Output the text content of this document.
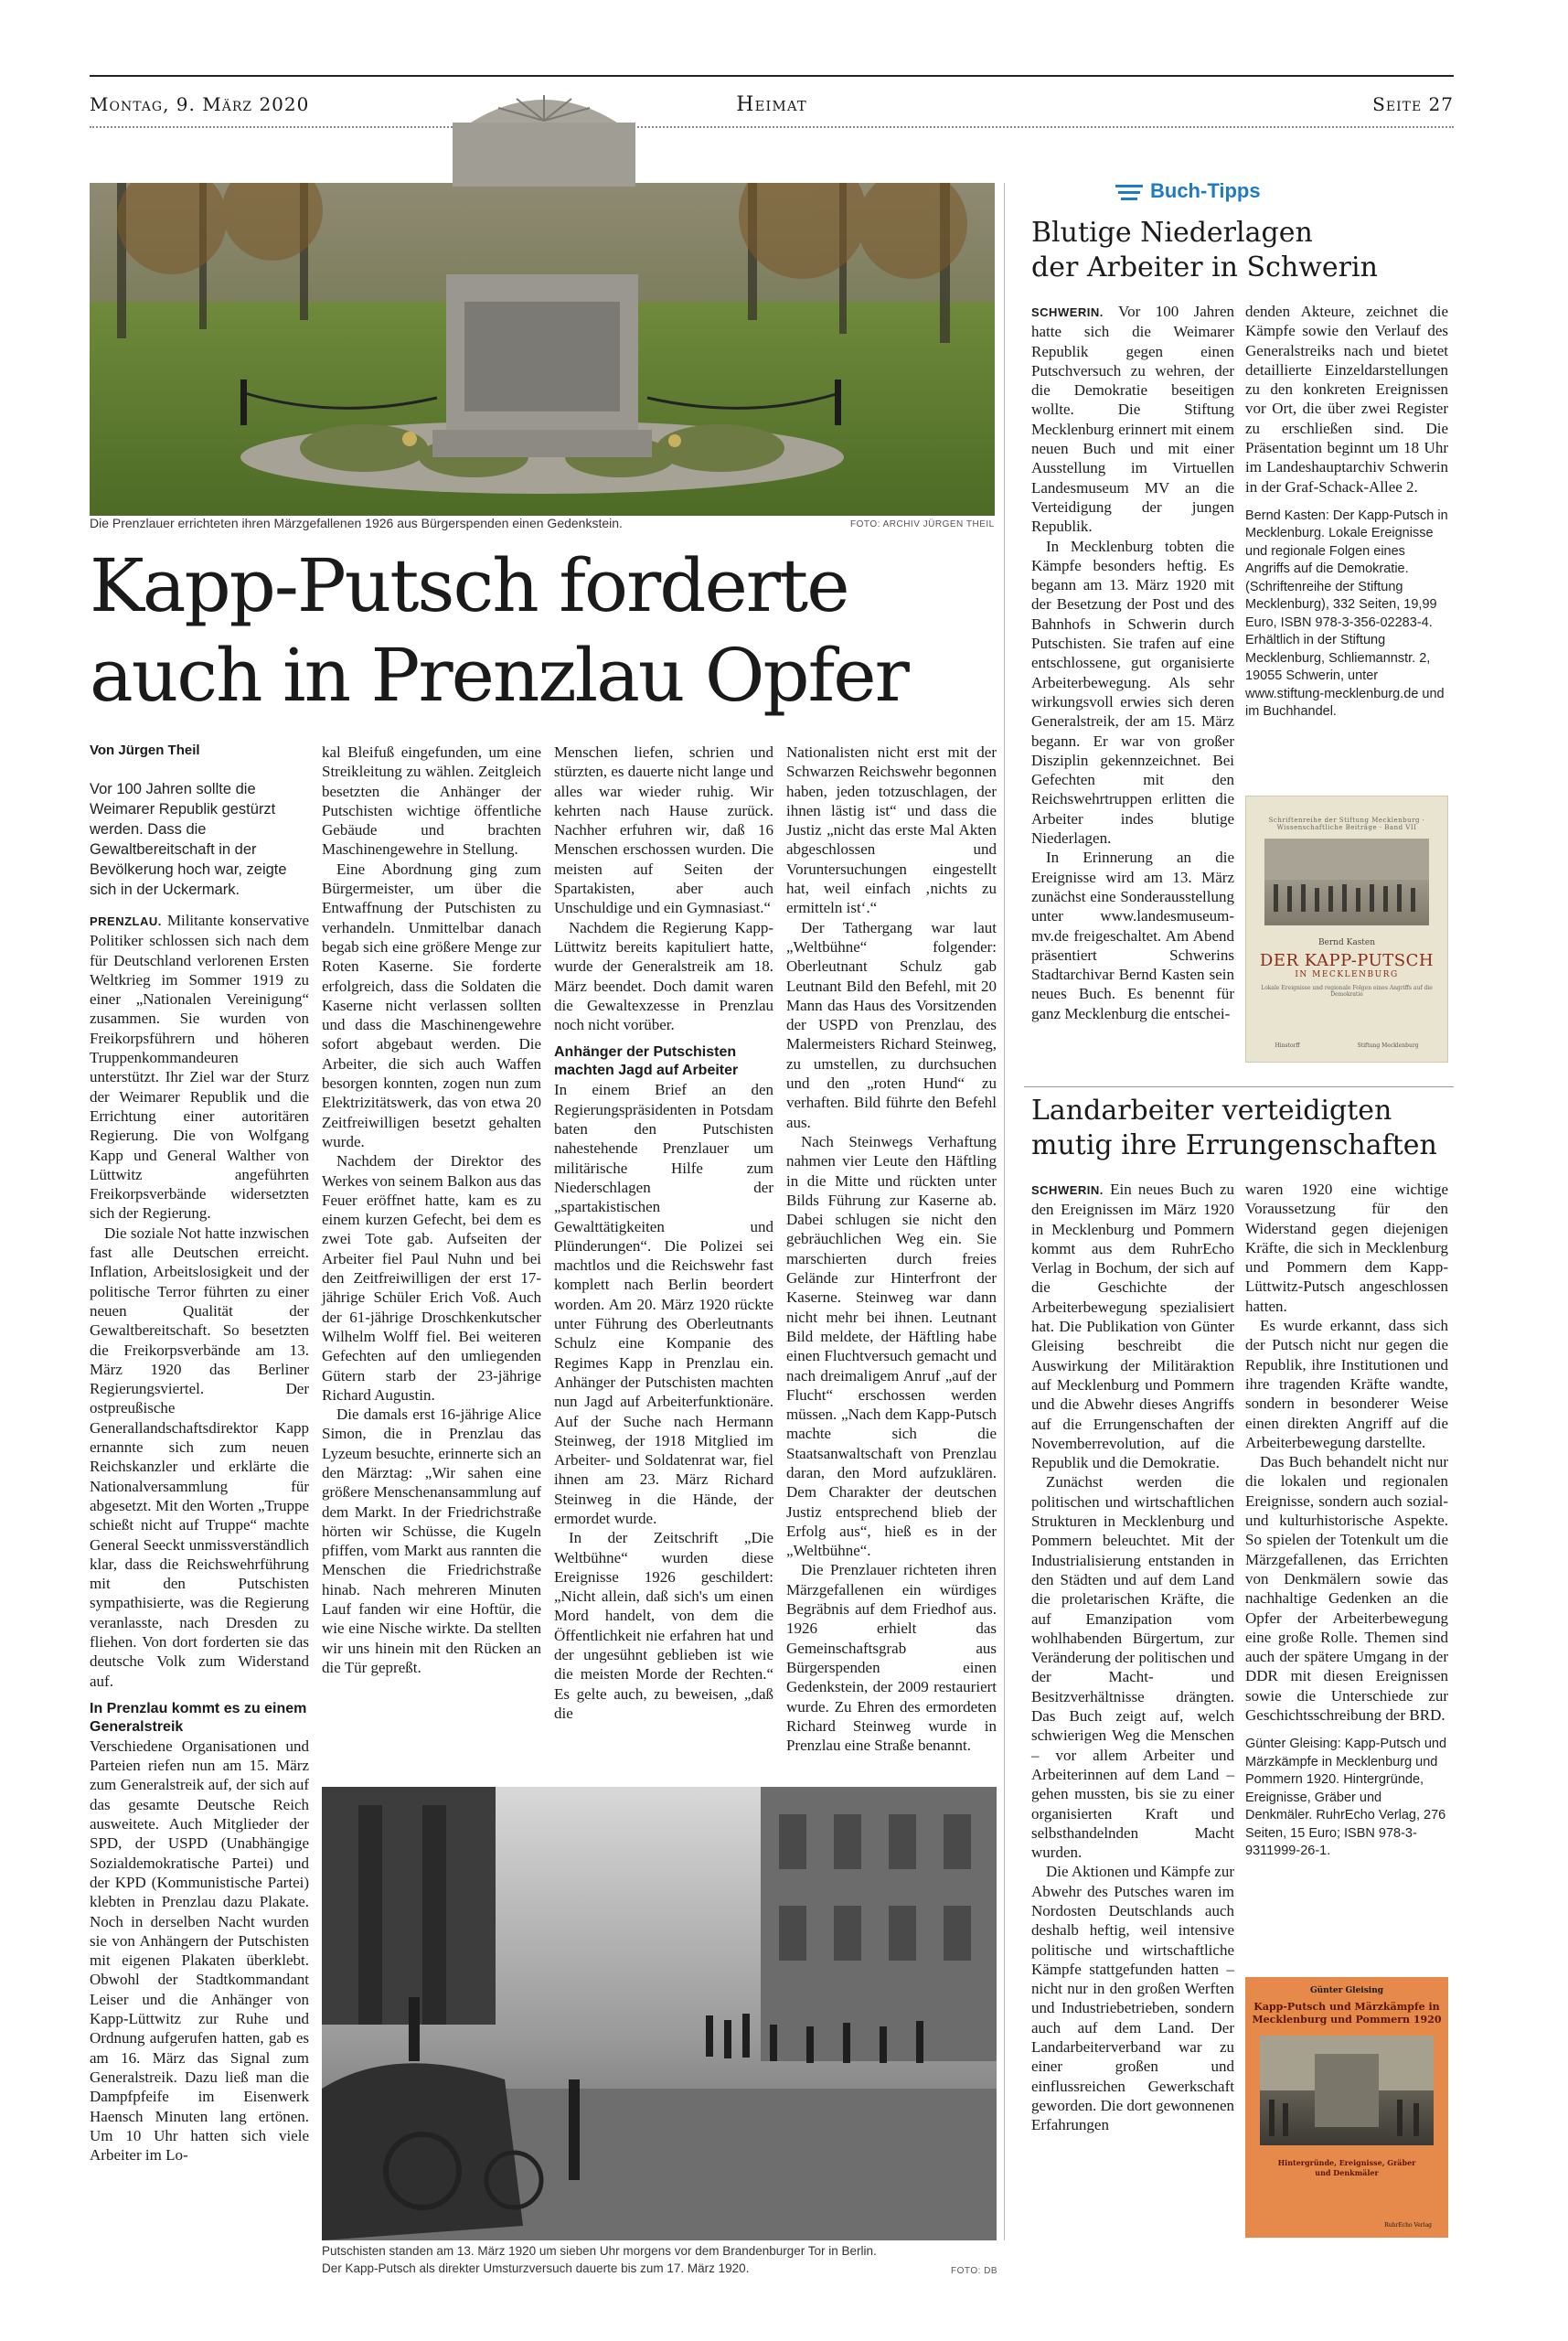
Montag, 9. März 2020	Heimat	Seite 27
Die Prenzlauer errichteten ihren Märzgefallenen 1926 aus Bürgerspenden einen Gedenkstein.	FOTO: ARCHIV JÜRGEN THEIL
Kapp-Putsch forderte
auch in Prenzlau Opfer
Von Jürgen Theil
Vor 100 Jahren sollte die Weimarer Republik gestürzt werden. Dass die Gewaltbereitschaft in der Bevölkerung hoch war, zeigte sich in der Uckermark.

PRENZLAU. Militante konservative Politiker schlossen sich nach dem für Deutschland verlorenen Ersten Weltkrieg im Sommer 1919 zu einer „Nationalen Vereinigung“ zusammen. Sie wurden von Freikorpsführern und höheren Truppenkommandeuren unterstützt. Ihr Ziel war der Sturz der Weimarer Republik und die Errichtung einer autoritären Regierung. Die von Wolfgang Kapp und General Walther von Lüttwitz angeführten Freikorpsverbände widersetzten sich der Regierung.

Die soziale Not hatte inzwischen fast alle Deutschen erreicht. Inflation, Arbeitslosigkeit und der politische Terror führten zu einer neuen Qualität der Gewaltbereitschaft. So besetzten die Freikorpsverbände am 13. März 1920 das Berliner Regierungsviertel. Der ostpreußische Generallandschaftsdirektor Kapp ernannte sich zum neuen Reichskanzler und erklärte die Nationalversammlung für abgesetzt. Mit den Worten „Truppe schießt nicht auf Truppe“ machte General Seeckt unmissverständlich klar, dass die Reichswehrführung mit den Putschisten sympathisierte, was die Regierung veranlasste, nach Dresden zu fliehen. Von dort forderten sie das deutsche Volk zum Widerstand auf.

In Prenzlau kommt es zu einem Generalstreik

Verschiedene Organisationen und Parteien riefen nun am 15. März zum Generalstreik auf, der sich auf das gesamte Deutsche Reich ausweitete. Auch Mitglieder der SPD, der USPD (Unabhängige Sozialdemokratische Partei) und der KPD (Kommunistische Partei) klebten in Prenzlau dazu Plakate. Noch in derselben Nacht wurden sie von Anhängern der Putschisten mit eigenen Plakaten überklebt. Obwohl der Stadtkommandant Leiser und die Anhänger von Kapp-Lüttwitz zur Ruhe und Ordnung aufgerufen hatten, gab es am 16. März das Signal zum Generalstreik. Dazu ließ man die Dampfpfeife im Eisenwerk Haensch Minuten lang ertönen. Um 10 Uhr hatten sich viele Arbeiter im Lo-

kal Bleifuß eingefunden, um eine Streikleitung zu wählen. Zeitgleich besetzten die Anhänger der Putschisten wichtige öffentliche Gebäude und brachten Maschinengewehre in Stellung.

Eine Abordnung ging zum Bürgermeister, um über die Entwaffnung der Putschisten zu verhandeln. Unmittelbar danach begab sich eine größere Menge zur Roten Kaserne. Sie forderte erfolgreich, dass die Soldaten die Kaserne nicht verlassen sollten und dass die Maschinengewehre sofort abgebaut werden. Die Arbeiter, die sich auch Waffen besorgen konnten, zogen nun zum Elektrizitätswerk, das von etwa 20 Zeitfreiwilligen besetzt gehalten wurde.

Nachdem der Direktor des Werkes von seinem Balkon aus das Feuer eröffnet hatte, kam es zu einem kurzen Gefecht, bei dem es zwei Tote gab. Aufseiten der Arbeiter fiel Paul Nuhn und bei den Zeitfreiwilligen der erst 17-jährige Schüler Erich Voß. Auch der 61-jährige Droschkenkutscher Wilhelm Wolff fiel. Bei weiteren Gefechten auf den umliegenden Gütern starb der 23-jährige Richard Augustin.

Die damals erst 16-jährige Alice Simon, die in Prenzlau das Lyzeum besuchte, erinnerte sich an den Märztag: „Wir sahen eine größere Menschenansammlung auf dem Markt. In der Friedrichstraße hörten wir Schüsse, die Kugeln pfiffen, vom Markt aus rannten die Menschen die Friedrichstraße hinab. Nach mehreren Minuten Lauf fanden wir eine Hoftür, die wie eine Nische wirkte. Da stellten wir uns hinein mit den Rücken an die Tür gepreßt.

Menschen liefen, schrien und stürzten, es dauerte nicht lange und alles war wieder ruhig. Wir kehrten nach Hause zurück. Nachher erfuhren wir, daß 16 Menschen erschossen wurden. Die meisten auf Seiten der Spartakisten, aber auch Unschuldige und ein Gymnasiast.“

Nachdem die Regierung Kapp-Lüttwitz bereits kapituliert hatte, wurde der Generalstreik am 18. März beendet. Doch damit waren die Gewaltexzesse in Prenzlau noch nicht vorüber.

Anhänger der Putschisten machten Jagd auf Arbeiter

In einem Brief an den Regierungspräsidenten in Potsdam baten den Putschisten nahestehende Prenzlauer um militärische Hilfe zum Niederschlagen der „spartakistischen Gewalttätigkeiten und Plünderungen“. Die Polizei sei machtlos und die Reichswehr fast komplett nach Berlin beordert worden. Am 20. März 1920 rückte unter Führung des Oberleutnants Schulz eine Kompanie des Regimes Kapp in Prenzlau ein. Anhänger der Putschisten machten nun Jagd auf Arbeiterfunktionäre. Auf der Suche nach Hermann Steinweg, der 1918 Mitglied im Arbeiter- und Soldatenrat war, fiel ihnen am 23. März Richard Steinweg in die Hände, der ermordet wurde.

In der Zeitschrift „Die Weltbühne“ wurden diese Ereignisse 1926 geschildert: „Nicht allein, daß sich's um einen Mord handelt, von dem die Öffentlichkeit nie erfahren hat und der ungesühnt geblieben ist wie die meisten Morde der Rechten.“ Es gelte auch, zu beweisen, „daß die

Nationalisten nicht erst mit der Schwarzen Reichswehr begonnen haben, jeden totzuschlagen, der ihnen lästig ist“ und dass die Justiz „nicht das erste Mal Akten abgeschlossen und Voruntersuchungen eingestellt hat, weil einfach ‚nichts zu ermitteln ist‘.“

Der Tathergang war laut „Weltbühne“ folgender: Oberleutnant Schulz gab Leutnant Bild den Befehl, mit 20 Mann das Haus des Vorsitzenden der USPD von Prenzlau, des Malermeisters Richard Steinweg, zu umstellen, zu durchsuchen und den „roten Hund“ zu verhaften. Bild führte den Befehl aus.

Nach Steinwegs Verhaftung nahmen vier Leute den Häftling in die Mitte und rückten unter Bilds Führung zur Kaserne ab. Dabei schlugen sie nicht den gebräuchlichen Weg ein. Sie marschierten durch freies Gelände zur Hinterfront der Kaserne. Steinweg war dann nicht mehr bei ihnen. Leutnant Bild meldete, der Häftling habe einen Fluchtversuch gemacht und nach dreimaligem Anruf „auf der Flucht“ erschossen werden müssen. „Nach dem Kapp-Putsch machte sich die Staatsanwaltschaft von Prenzlau daran, den Mord aufzuklären. Dem Charakter der deutschen Justiz entsprechend blieb der Erfolg aus“, hieß es in der „Weltbühne“.

Die Prenzlauer richteten ihren Märzgefallenen ein würdiges Begräbnis auf dem Friedhof aus. 1926 erhielt das Gemeinschaftsgrab aus Bürgerspenden einen Gedenkstein, der 2009 restauriert wurde. Zu Ehren des ermordeten Richard Steinweg wurde in Prenzlau eine Straße benannt.

Putschisten standen am 13. März 1920 um sieben Uhr morgens vor dem Brandenburger Tor in Berlin.
Der Kapp-Putsch als direkter Umsturzversuch dauerte bis zum 17. März 1920.	FOTO: DB
Buch-Tipps
Blutige Niederlagen
der Arbeiter in Schwerin

SCHWERIN. Vor 100 Jahren hatte sich die Weimarer Republik gegen einen Putschversuch zu wehren, der die Demokratie beseitigen wollte. Die Stiftung Mecklenburg erinnert mit einem neuen Buch und mit einer Ausstellung im Virtuellen Landesmuseum MV an die Verteidigung der jungen Republik.

In Mecklenburg tobten die Kämpfe besonders heftig. Es begann am 13. März 1920 mit der Besetzung der Post und des Bahnhofs in Schwerin durch Putschisten. Sie trafen auf eine entschlossene, gut organisierte Arbeiterbewegung. Als sehr wirkungsvoll erwies sich deren Generalstreik, der am 15. März begann. Er war von großer Disziplin gekennzeichnet. Bei Gefechten mit den Reichswehrtruppen erlitten die Arbeiter indes blutige Niederlagen.

In Erinnerung an die Ereignisse wird am 13. März zunächst eine Sonderausstellung unter www.landesmuseum-mv.de freigeschaltet. Am Abend präsentiert Schwerins Stadtarchivar Bernd Kasten sein neues Buch. Es benennt für ganz Mecklenburg die entschei-

denden Akteure, zeichnet die Kämpfe sowie den Verlauf des Generalstreiks nach und bietet detaillierte Einzeldarstellungen zu den konkreten Ereignissen vor Ort, die über zwei Register zu erschließen sind. Die Präsentation beginnt um 18 Uhr im Landeshauptarchiv Schwerin in der Graf-Schack-Allee 2.

Bernd Kasten: Der Kapp-Putsch in Mecklenburg. Lokale Ereignisse und regionale Folgen eines Angriffs auf die Demokratie. (Schriftenreihe der Stiftung Mecklenburg), 332 Seiten, 19,99 Euro, ISBN 978-3-356-02283-4. Erhältlich in der Stiftung Mecklenburg, Schliemannstr. 2, 19055 Schwerin, unter www.stiftung-mecklenburg.de und im Buchhandel.
Schriftenreihe der Stiftung Mecklenburg · Wissenschaftliche Beiträge · Band VII
Bernd Kasten
DER KAPP-PUTSCH
IN MECKLENBURG
Lokale Ereignisse und regionale Folgen eines Angriffs auf die Demokratie
Hinstorff	Stiftung Mecklenburg
Landarbeiter verteidigten
mutig ihre Errungenschaften

SCHWERIN. Ein neues Buch zu den Ereignissen im März 1920 in Mecklenburg und Pommern kommt aus dem RuhrEcho Verlag in Bochum, der sich auf die Geschichte der Arbeiterbewegung spezialisiert hat. Die Publikation von Günter Gleising beschreibt die Auswirkung der Militäraktion auf Mecklenburg und Pommern und die Abwehr dieses Angriffs auf die Errungenschaften der Novemberrevolution, auf die Republik und die Demokratie.

Zunächst werden die politischen und wirtschaftlichen Strukturen in Mecklenburg und Pommern beleuchtet. Mit der Industrialisierung entstanden in den Städten und auf dem Land die proletarischen Kräfte, die auf Emanzipation vom wohlhabenden Bürgertum, zur Veränderung der politischen und der Macht- und Besitzverhältnisse drängten. Das Buch zeigt auf, welch schwierigen Weg die Menschen – vor allem Arbeiter und Arbeiterinnen auf dem Land – gehen mussten, bis sie zu einer organisierten Kraft und selbsthandelnden Macht wurden.

Die Aktionen und Kämpfe zur Abwehr des Putsches waren im Nordosten Deutschlands auch deshalb heftig, weil intensive politische und wirtschaftliche Kämpfe stattgefunden hatten – nicht nur in den großen Werften und Industriebetrieben, sondern auch auf dem Land. Der Landarbeiterverband war zu einer großen und einflussreichen Gewerkschaft geworden. Die dort gewonnenen Erfahrungen

waren 1920 eine wichtige Voraussetzung für den Widerstand gegen diejenigen Kräfte, die sich in Mecklenburg und Pommern dem Kapp-Lüttwitz-Putsch angeschlossen hatten.

Es wurde erkannt, dass sich der Putsch nicht nur gegen die Republik, ihre Institutionen und ihre tragenden Kräfte wandte, sondern in besonderer Weise einen direkten Angriff auf die Arbeiterbewegung darstellte.

Das Buch behandelt nicht nur die lokalen und regionalen Ereignisse, sondern auch sozial- und kulturhistorische Aspekte. So spielen der Totenkult um die Märzgefallenen, das Errichten von Denkmälern sowie das nachhaltige Gedenken an die Opfer der Arbeiterbewegung eine große Rolle. Themen sind auch der spätere Umgang in der DDR mit diesen Ereignissen sowie die Unterschiede zur Geschichtsschreibung der BRD.

Günter Gleising: Kapp-Putsch und Märzkämpfe in Mecklenburg und Pommern 1920. Hintergründe, Ereignisse, Gräber und Denkmäler. RuhrEcho Verlag, 276 Seiten, 15 Euro; ISBN 978-3-9311999-26-1.
Günter Gleising
Kapp-Putsch und Märzkämpfe in
Mecklenburg und Pommern 1920
Hintergründe, Ereignisse, Gräber
und Denkmäler
RuhrEcho Verlag
